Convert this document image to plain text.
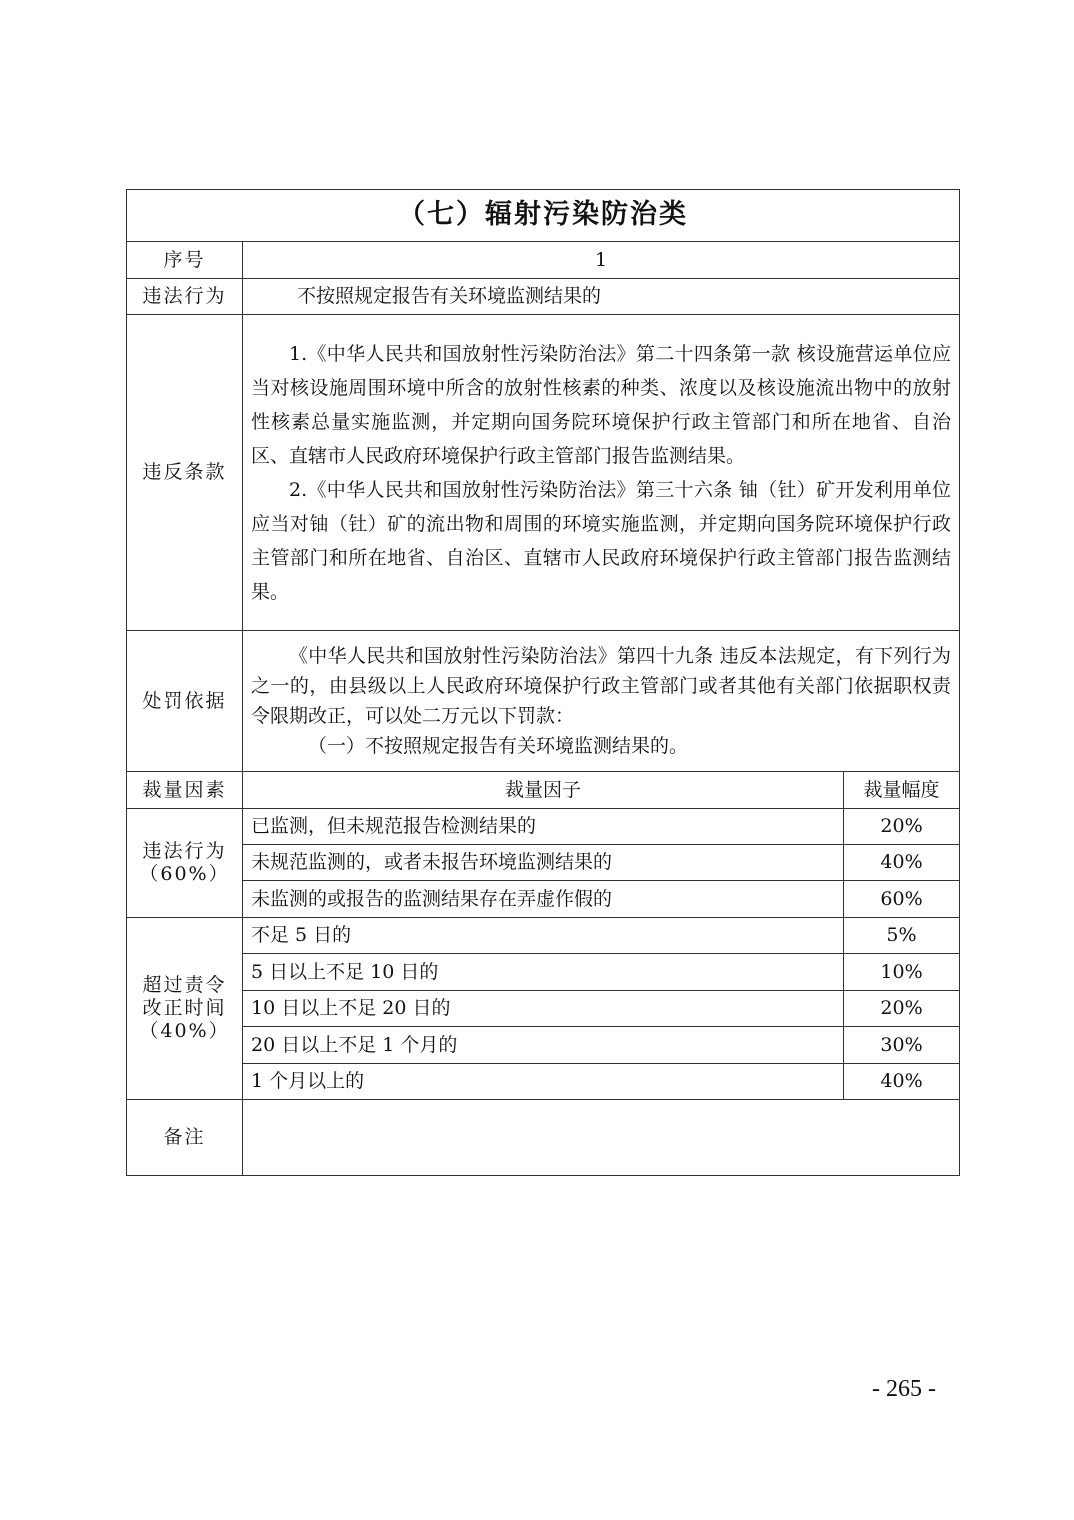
（七）辐射污染防治类		
序号	1	
违法行为	不按照规定报告有关环境监测结果的	
违反条款	1.《中华人民共和国放射性污染防治法》第二十四条第一款 核设施营运单位应当对核设施周围环境中所含的放射性核素的种类、浓度以及核设施流出物中的放射性核素总量实施监测，并定期向国务院环境保护行政主管部门和所在地省、自治区、直辖市人民政府环境保护行政主管部门报告监测结果。

2.《中华人民共和国放射性污染防治法》第三十六条 铀（钍）矿开发利用单位应当对铀（钍）矿的流出物和周围的环境实施监测，并定期向国务院环境保护行政主管部门和所在地省、自治区、直辖市人民政府环境保护行政主管部门报告监测结果。	

处罚依据	《中华人民共和国放射性污染防治法》第四十九条 违反本法规定，有下列行为之一的，由县级以上人民政府环境保护行政主管部门或者其他有关部门依据职权责令限期改正，可以处二万元以下罚款：

（一）不按照规定报告有关环境监测结果的。	

裁量因素	裁量因子	裁量幅度

违法行为
（60%）	已监测，但未规范报告检测结果的	20%
	未规范监测的，或者未报告环境监测结果的	40%
	未监测的或报告的监测结果存在弄虚作假的	60%

超过责令
改正时间
（40%）	不足 5 日的	5%
	5 日以上不足 10 日的	10%
	10 日以上不足 20 日的	20%
	20 日以上不足 1 个月的	30%
	1 个月以上的	40%
备注		
- 265 -
